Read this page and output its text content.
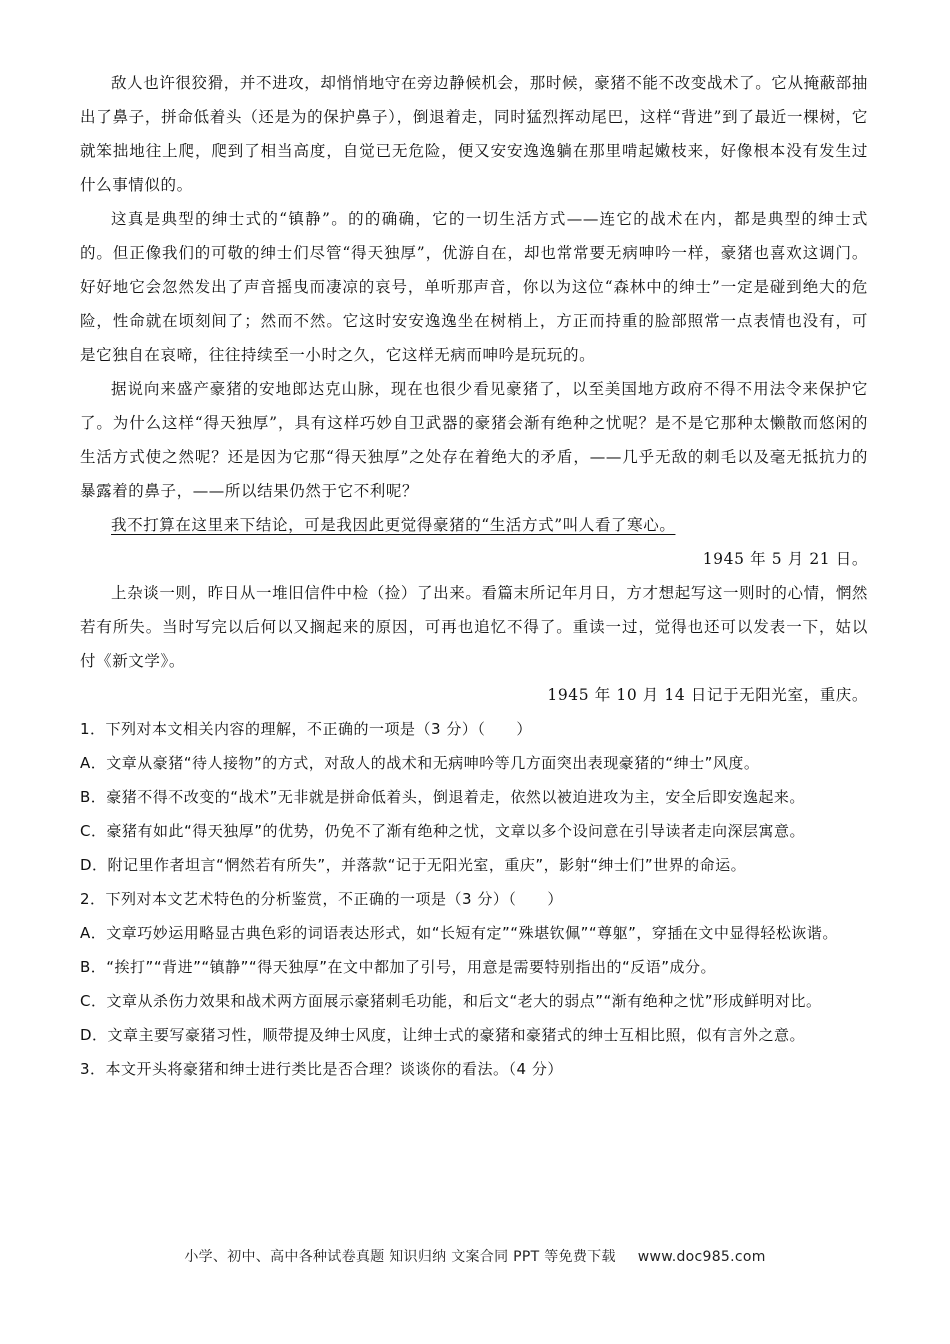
敌人也许很狡猾，并不进攻，却悄悄地守在旁边静候机会，那时候，豪猪不能不改变战术了。它从掩蔽部抽出了鼻子，拼命低着头（还是为的保护鼻子），倒退着走，同时猛烈挥动尾巴，这样“背进”到了最近一棵树，它就笨拙地往上爬，爬到了相当高度，自觉已无危险，便又安安逸逸躺在那里啃起嫩枝来，好像根本没有发生过什么事情似的。

这真是典型的绅士式的“镇静”。的的确确，它的一切生活方式——连它的战术在内，都是典型的绅士式的。但正像我们的可敬的绅士们尽管“得天独厚”，优游自在，却也常常要无病呻吟一样，豪猪也喜欢这调门。好好地它会忽然发出了声音摇曳而凄凉的哀号，单听那声音，你以为这位“森林中的绅士”一定是碰到绝大的危险，性命就在顷刻间了；然而不然。它这时安安逸逸坐在树梢上，方正而持重的脸部照常一点表情也没有，可是它独自在哀啼，往往持续至一小时之久，它这样无病而呻吟是玩玩的。

据说向来盛产豪猪的安地郎达克山脉，现在也很少看见豪猪了，以至美国地方政府不得不用法令来保护它了。为什么这样“得天独厚”，具有这样巧妙自卫武器的豪猪会渐有绝种之忧呢？是不是它那种太懒散而悠闲的生活方式使之然呢？还是因为它那“得天独厚”之处存在着绝大的矛盾，——几乎无敌的刺毛以及毫无抵抗力的暴露着的鼻子，——所以结果仍然于它不利呢？

我不打算在这里来下结论，可是我因此更觉得豪猪的“生活方式”叫人看了寒心。

1945 年 5 月 21 日。

上杂谈一则，昨日从一堆旧信件中检（捡）了出来。看篇末所记年月日，方才想起写这一则时的心情，惘然若有所失。当时写完以后何以又搁起来的原因，可再也追忆不得了。重读一过，觉得也还可以发表一下，姑以付《新文学》。

1945 年 10 月 14 日记于无阳光室，重庆。

1．下列对本文相关内容的理解，不正确的一项是（3 分）（　　）

A．文章从豪猪“待人接物”的方式，对敌人的战术和无病呻吟等几方面突出表现豪猪的“绅士”风度。

B．豪猪不得不改变的“战术”无非就是拼命低着头，倒退着走，依然以被迫进攻为主，安全后即安逸起来。

C．豪猪有如此“得天独厚”的优势，仍免不了渐有绝种之忧，文章以多个设问意在引导读者走向深层寓意。

D．附记里作者坦言“惘然若有所失”，并落款“记于无阳光室，重庆”，影射“绅士们”世界的命运。

2．下列对本文艺术特色的分析鉴赏，不正确的一项是（3 分）（　　）

A．文章巧妙运用略显古典色彩的词语表达形式，如“长短有定”“殊堪钦佩”“尊躯”，穿插在文中显得轻松诙谐。

B．“挨打”“背进”“镇静”“得天独厚”在文中都加了引号，用意是需要特别指出的“反语”成分。

C．文章从杀伤力效果和战术两方面展示豪猪刺毛功能，和后文“老大的弱点”“渐有绝种之忧”形成鲜明对比。

D．文章主要写豪猪习性，顺带提及绅士风度，让绅士式的豪猪和豪猪式的绅士互相比照，似有言外之意。

3．本文开头将豪猪和绅士进行类比是否合理？谈谈你的看法。（4 分）

小学、初中、高中各种试卷真题 知识归纳 文案合同 PPT 等免费下载 www.doc985.com
